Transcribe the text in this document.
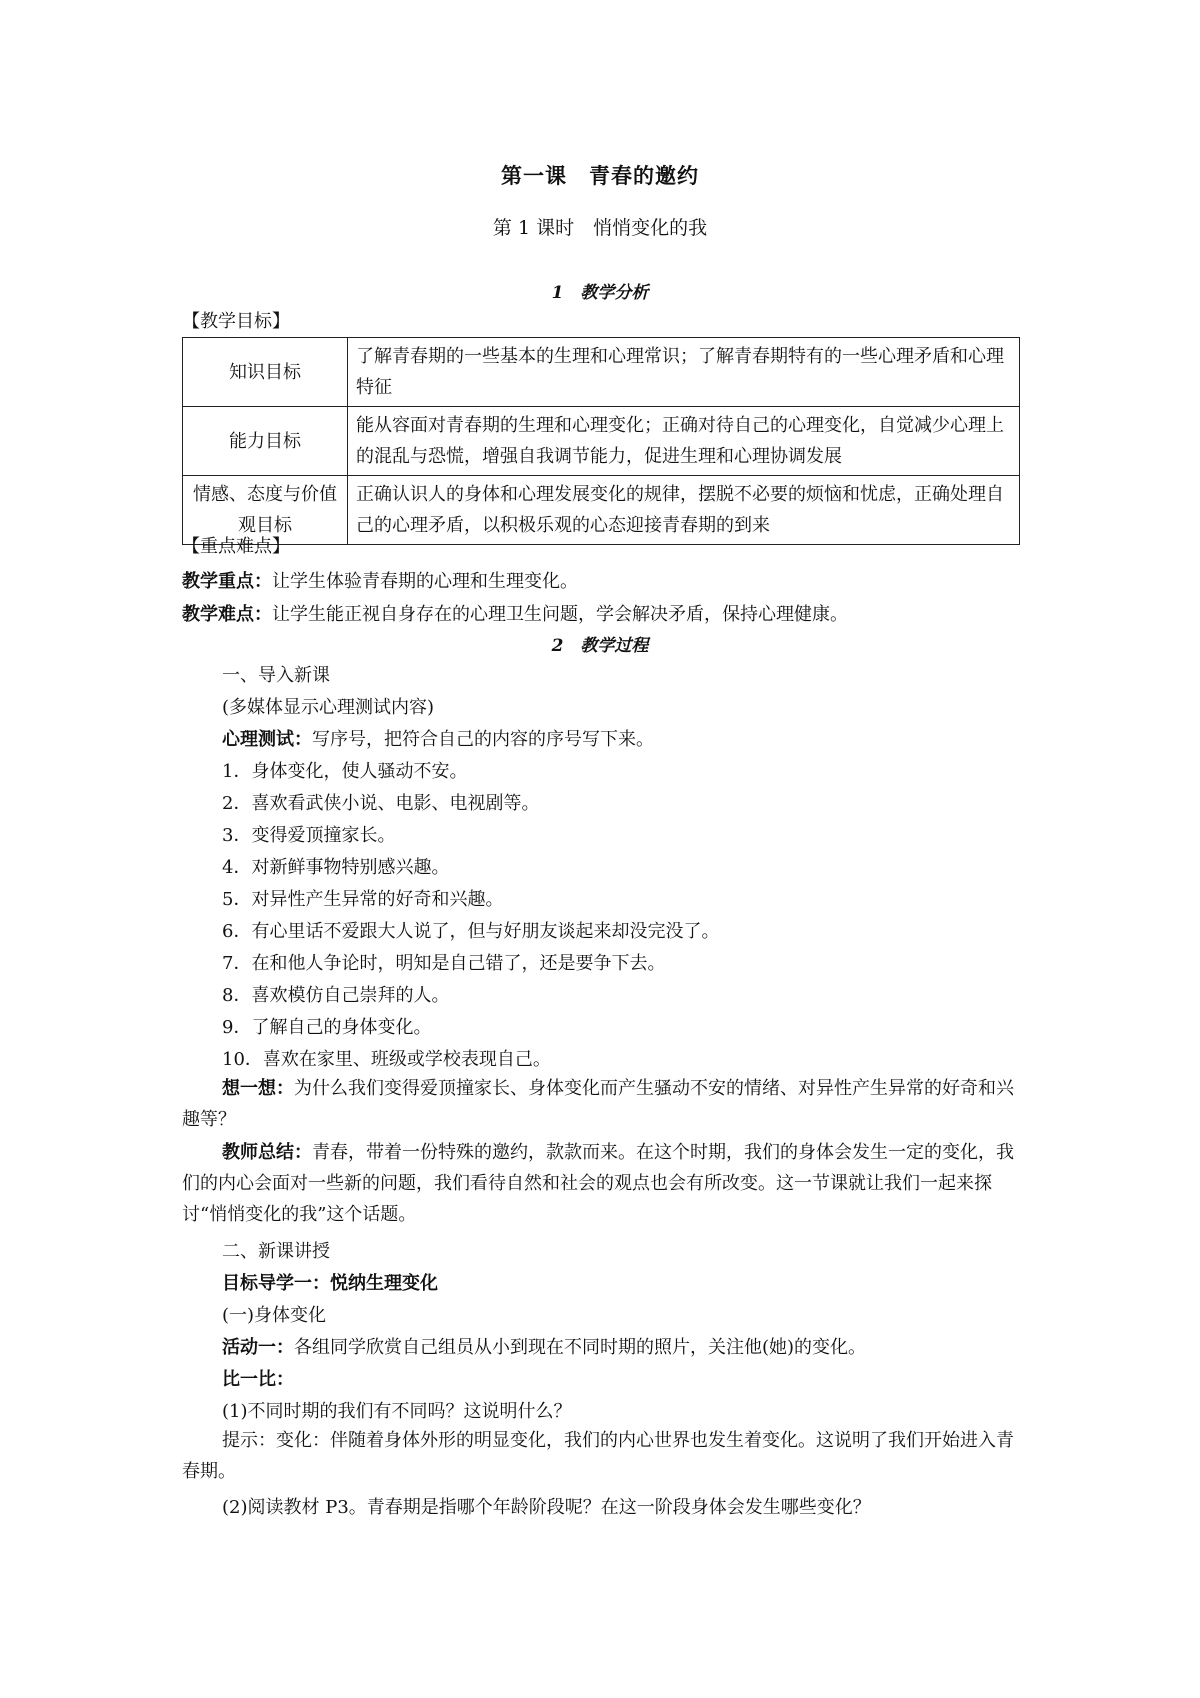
第一课　青春的邀约
第 1 课时　悄悄变化的我
1　教学分析
【教学目标】
知识目标	了解青春期的一些基本的生理和心理常识；了解青春期特有的一些心理矛盾和心理特征
能力目标	能从容面对青春期的生理和心理变化；正确对待自己的心理变化，自觉减少心理上的混乱与恐慌，增强自我调节能力，促进生理和心理协调发展
情感、态度与价值观目标	正确认识人的身体和心理发展变化的规律，摆脱不必要的烦恼和忧虑，正确处理自己的心理矛盾，以积极乐观的心态迎接青春期的到来
【重点难点】
教学重点：让学生体验青春期的心理和生理变化。
教学难点：让学生能正视自身存在的心理卫生问题，学会解决矛盾，保持心理健康。
2　教学过程
一、导入新课
(多媒体显示心理测试内容)
心理测试：写序号，把符合自己的内容的序号写下来。
1．身体变化，使人骚动不安。
2．喜欢看武侠小说、电影、电视剧等。
3．变得爱顶撞家长。
4．对新鲜事物特别感兴趣。
5．对异性产生异常的好奇和兴趣。
6．有心里话不爱跟大人说了，但与好朋友谈起来却没完没了。
7．在和他人争论时，明知是自己错了，还是要争下去。
8．喜欢模仿自己崇拜的人。
9．了解自己的身体变化。
10．喜欢在家里、班级或学校表现自己。
想一想：为什么我们变得爱顶撞家长、身体变化而产生骚动不安的情绪、对异性产生异常的好奇和兴趣等？
教师总结：青春，带着一份特殊的邀约，款款而来。在这个时期，我们的身体会发生一定的变化，我们的内心会面对一些新的问题，我们看待自然和社会的观点也会有所改变。这一节课就让我们一起来探讨“悄悄变化的我”这个话题。
二、新课讲授
目标导学一：悦纳生理变化
(一)身体变化
活动一：各组同学欣赏自己组员从小到现在不同时期的照片，关注他(她)的变化。
比一比：
(1)不同时期的我们有不同吗？这说明什么？
提示：变化：伴随着身体外形的明显变化，我们的内心世界也发生着变化。这说明了我们开始进入青春期。
(2)阅读教材 P3。青春期是指哪个年龄阶段呢？在这一阶段身体会发生哪些变化？
